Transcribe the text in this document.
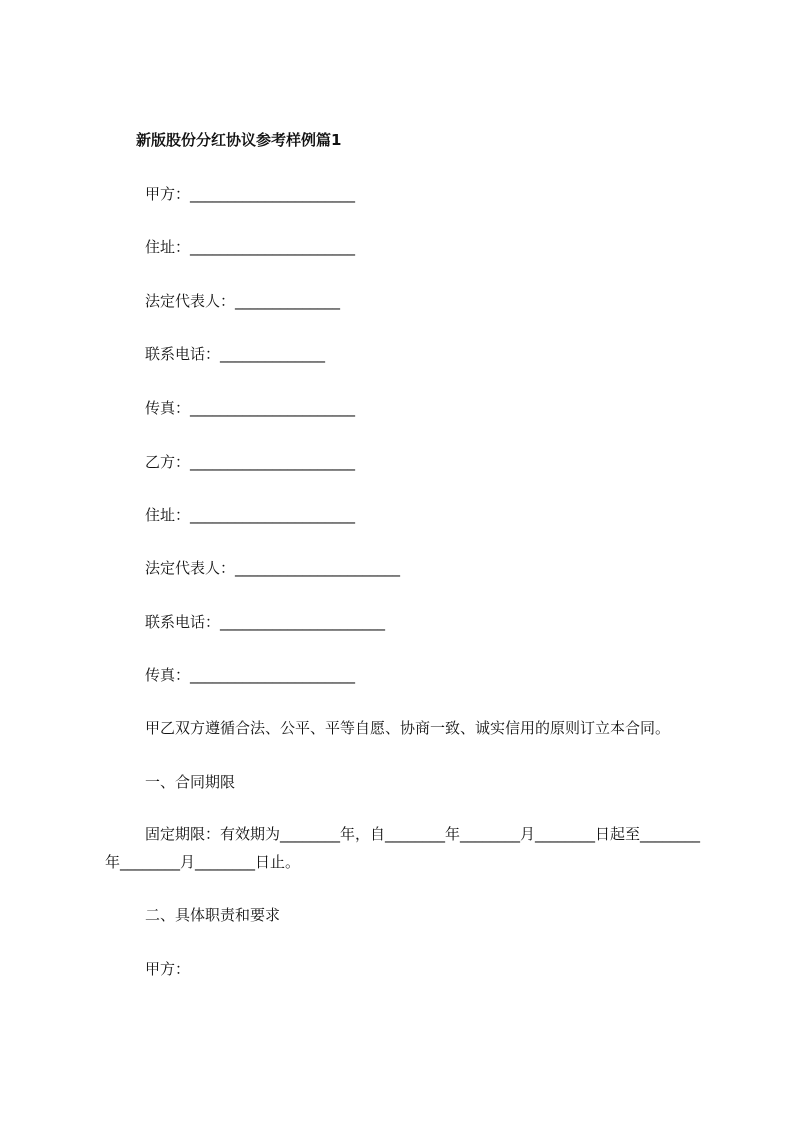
新版股份分红协议参考样例篇1
甲方：______________________
住址：______________________
法定代表人：______________
联系电话：______________
传真：______________________
乙方：______________________
住址：______________________
法定代表人：______________________
联系电话：______________________
传真：______________________
甲乙双方遵循合法、公平、平等自愿、协商一致、诚实信用的原则订立本合同。
一、合同期限
固定期限：有效期为________年，自________年________月________日起至________年________月________日止。
二、具体职责和要求
甲方：
